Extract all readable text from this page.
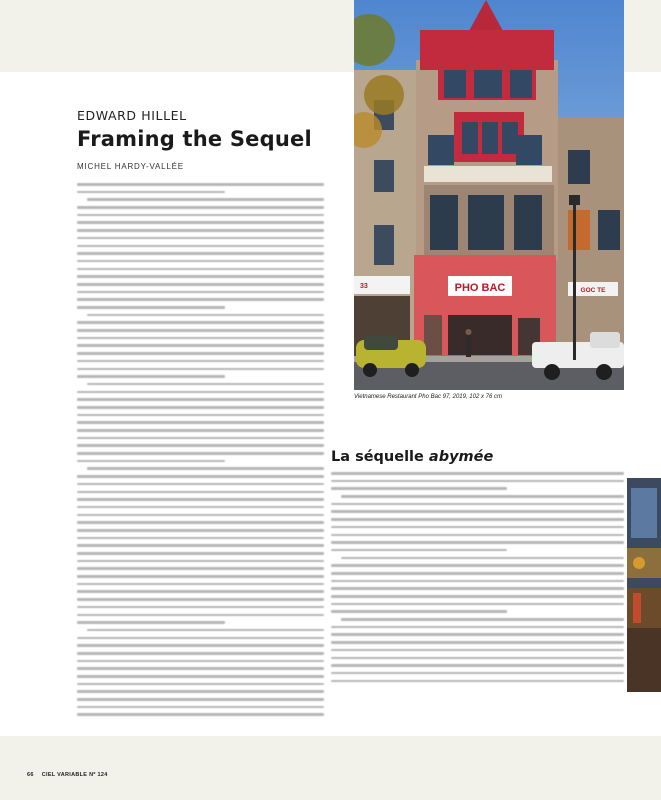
EDWARD HILLEL
Framing the Sequel
MICHEL HARDY-VALLÉE
GOC TE
PHO BAC
33
Vietnamese Restaurant Pho Bac 97, 2019, 102 x 76 cm
La séquelle abymée
66 CIEL VARIABLE Nº 124
